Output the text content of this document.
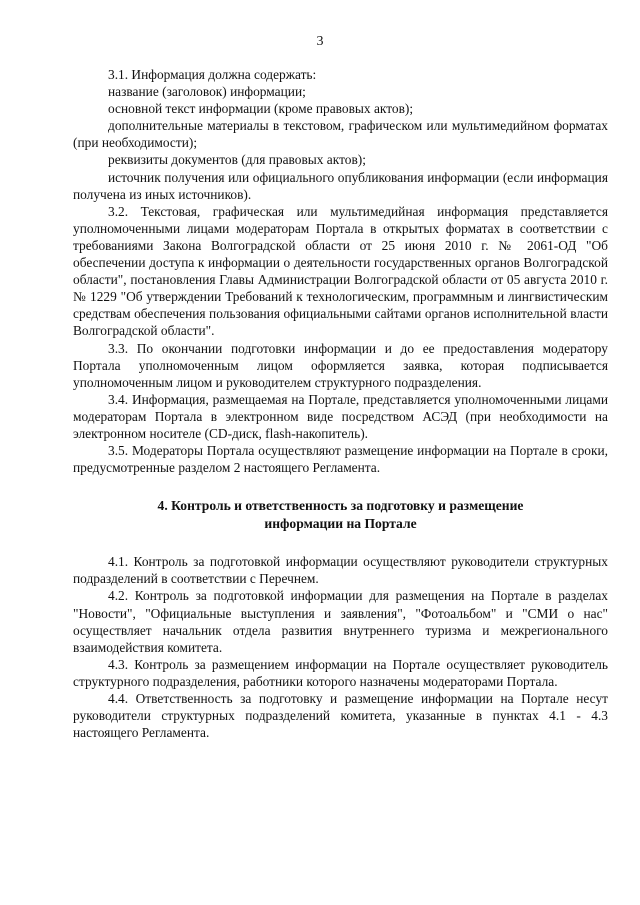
3

3.1. Информация должна содержать:

название (заголовок) информации;

основной текст информации (кроме правовых актов);

дополнительные материалы в текстовом, графическом или мультимедийном форматах (при необходимости);

реквизиты документов (для правовых актов);

источник получения или официального опубликования информации (если информация получена из иных источников).

3.2. Текстовая, графическая или мультимедийная информация представляется уполномоченными лицами модераторам Портала в открытых форматах в соответствии с требованиями Закона Волгоградской области от 25 июня 2010 г. № 2061-ОД "Об обеспечении доступа к информации о деятельности государственных органов Волгоградской области", постановления Главы Администрации Волгоградской области от 05 августа 2010 г. № 1229 "Об утверждении Требований к технологическим, программным и лингвистическим средствам обеспечения пользования официальными сайтами органов исполнительной власти Волгоградской области".

3.3. По окончании подготовки информации и до ее предоставления модератору Портала уполномоченным лицом оформляется заявка, которая подписывается уполномоченным лицом и руководителем структурного подразделения.

3.4. Информация, размещаемая на Портале, представляется уполномоченными лицами модераторам Портала в электронном виде посредством АСЭД (при необходимости на электронном носителе (CD-диск, flash-накопитель).

3.5. Модераторы Портала осуществляют размещение информации на Портале в сроки, предусмотренные разделом 2 настоящего Регламента.

4. Контроль и ответственность за подготовку и размещение
информации на Портале

4.1. Контроль за подготовкой информации осуществляют руководители структурных подразделений в соответствии с Перечнем.

4.2. Контроль за подготовкой информации для размещения на Портале в разделах "Новости", "Официальные выступления и заявления", "Фотоальбом" и "СМИ о нас" осуществляет начальник отдела развития внутреннего туризма и межрегионального взаимодействия комитета.

4.3. Контроль за размещением информации на Портале осуществляет руководитель структурного подразделения, работники которого назначены модераторами Портала.

4.4. Ответственность за подготовку и размещение информации на Портале несут руководители структурных подразделений комитета, указанные в пунктах 4.1 - 4.3 настоящего Регламента.
